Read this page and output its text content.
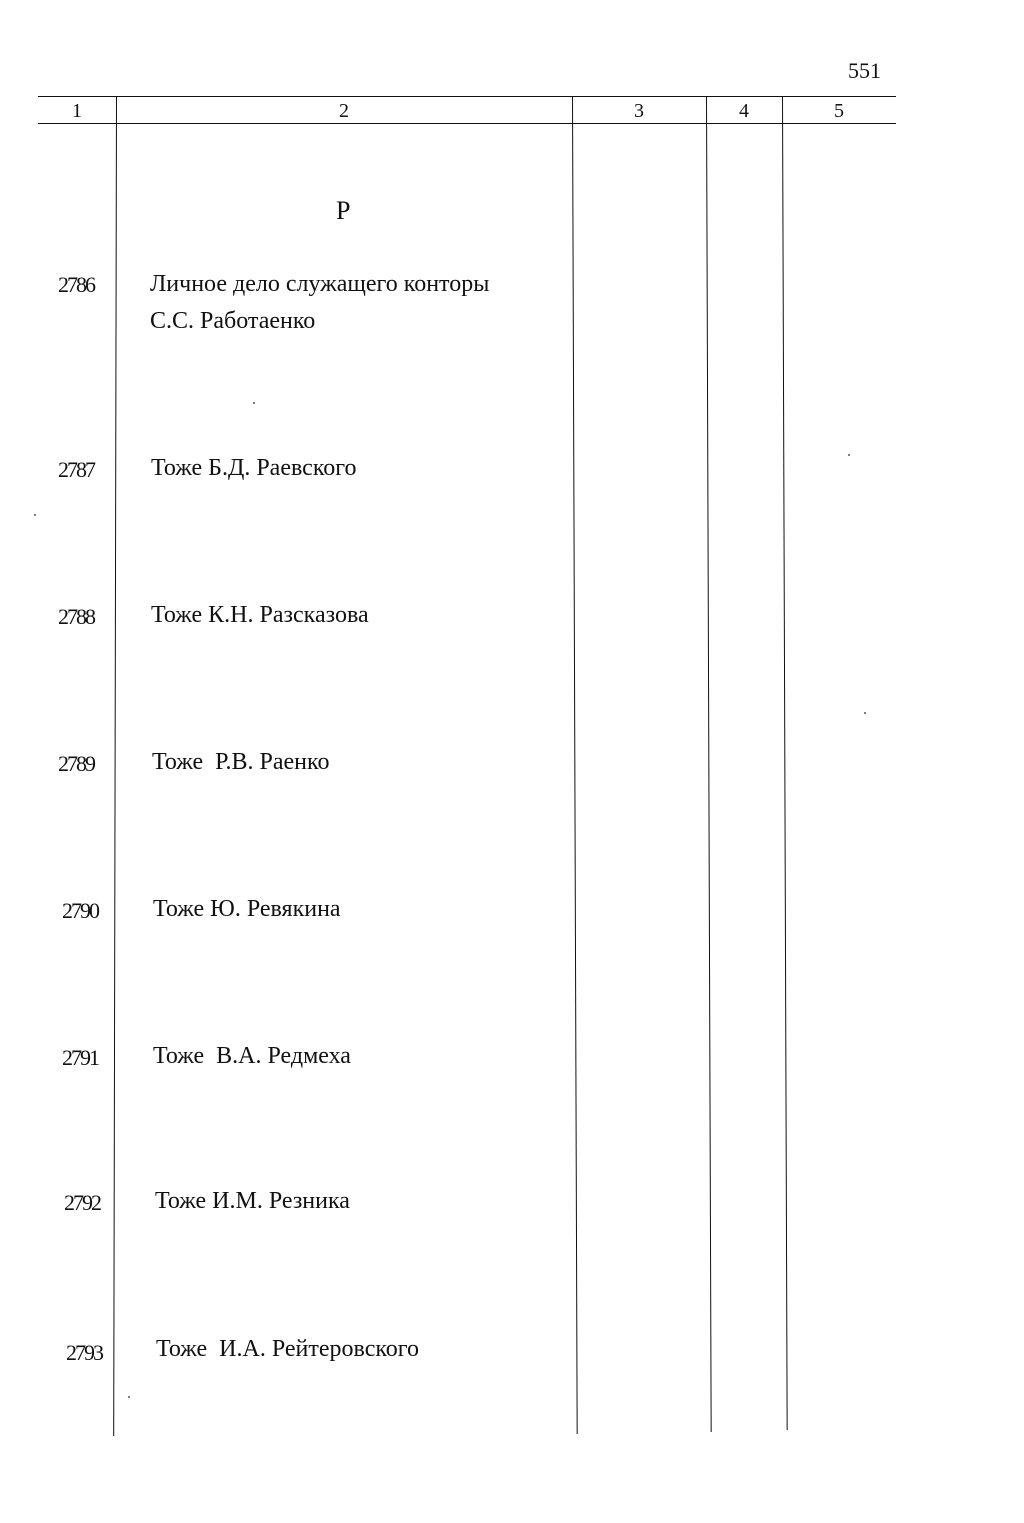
551
1	2	3	4	5
Р
2786 Личное дело служащего конторы
С.С. Работаенко
2787 Тоже Б.Д. Раевского
2788 Тоже К.Н. Разсказова
2789 Тоже  Р.В. Раенко
2790 Тоже Ю. Ревякина
2791 Тоже  В.А. Редмеха
2792 Тоже И.М. Резника
2793 Тоже  И.А. Рейтеровского
